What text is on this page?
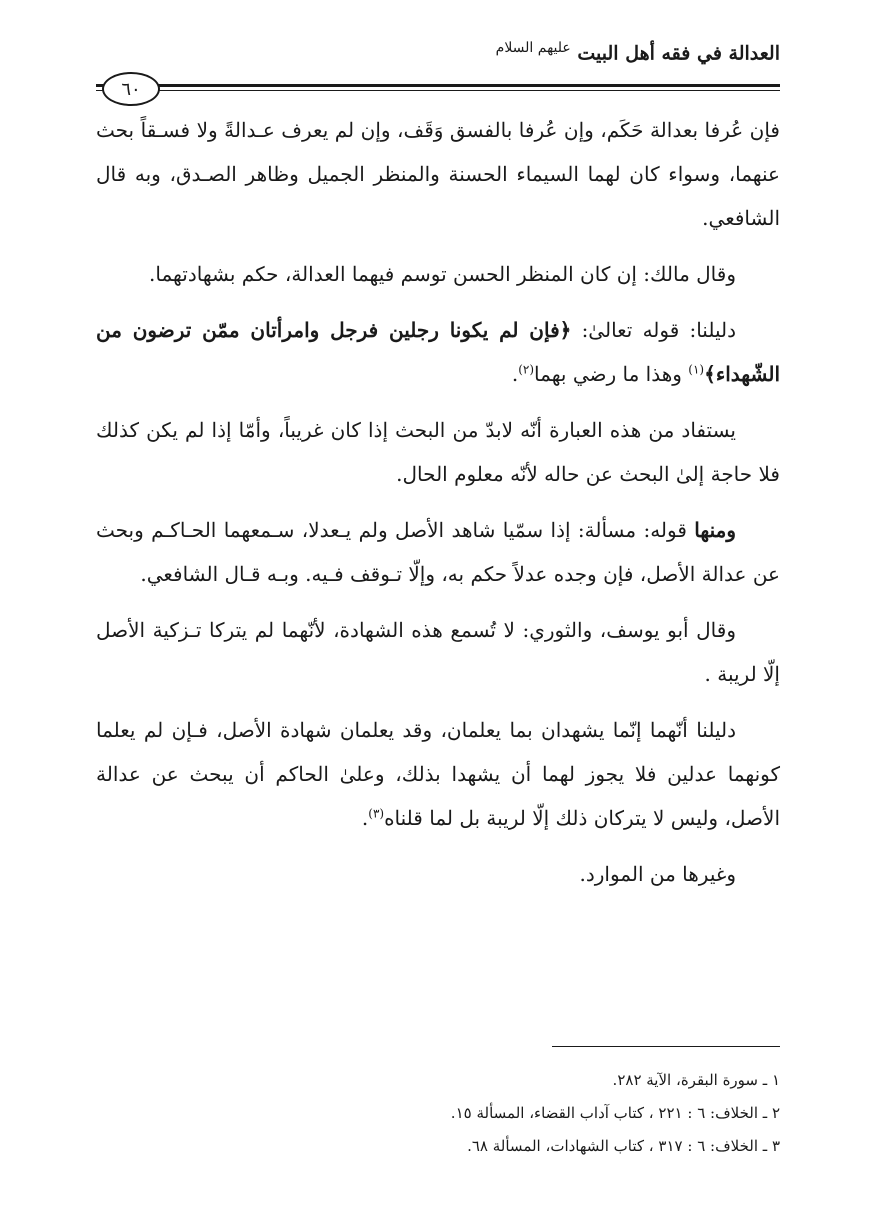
العدالة في فقه أهل البيت $^{عليهم السلام}$
٦٠

فإن عُرفا بعدالة حَكَم، وإن عُرفا بالفسق وَقَف، وإن لم يعرف عـدالةً ولا فسـقاً بحث عنهما، وسواء كان لهما السيماء الحسنة والمنظر الجميل وظاهر الصـدق، وبه قال الشافعي.

وقال مالك: إن كان المنظر الحسن توسم فيهما العدالة، حكم بشهادتهما.

دليلنا: قوله تعالىٰ: ﴿فإن لم يكونا رجلين فرجل وامرأتان ممّن ترضون من الشّهداء﴾$^{(١)}$ وهذا ما رضي بهما$^{(٢)}$.

يستفاد من هذه العبارة أنّه لابدّ من البحث إذا كان غريباً، وأمّا إذا لم يكن كذلك فلا حاجة إلىٰ البحث عن حاله لأنّه معلوم الحال.

ومنها قوله: مسألة: إذا سمّيا شاهد الأصل ولم يـعدلا، سـمعهما الحـاكـم وبحث عن عدالة الأصل، فإن وجده عدلاً حكم به، وإلّا تـوقف فـيه. وبـه قـال الشافعي.

وقال أبو يوسف، والثوري: لا تُسمع هذه الشهادة، لأنّهما لم يتركا تـزكية الأصل إلّا لريبة .

دليلنا أنّهما إنّما يشهدان بما يعلمان، وقد يعلمان شهادة الأصل، فـإن لم يعلما كونهما عدلين فلا يجوز لهما أن يشهدا بذلك، وعلىٰ الحاكم أن يبحث عن عدالة الأصل، وليس لا يتركان ذلك إلّا لريبة بل لما قلناه$^{(٣)}$.

وغيرها من الموارد.

١ ـ سورة البقرة، الآية ٢٨٢.
٢ ـ الخلاف: ٦ : ٢٢١ ، كتاب آداب القضاء، المسألة ١٥.
٣ ـ الخلاف: ٦ : ٣١٧ ، كتاب الشهادات، المسألة ٦٨.
